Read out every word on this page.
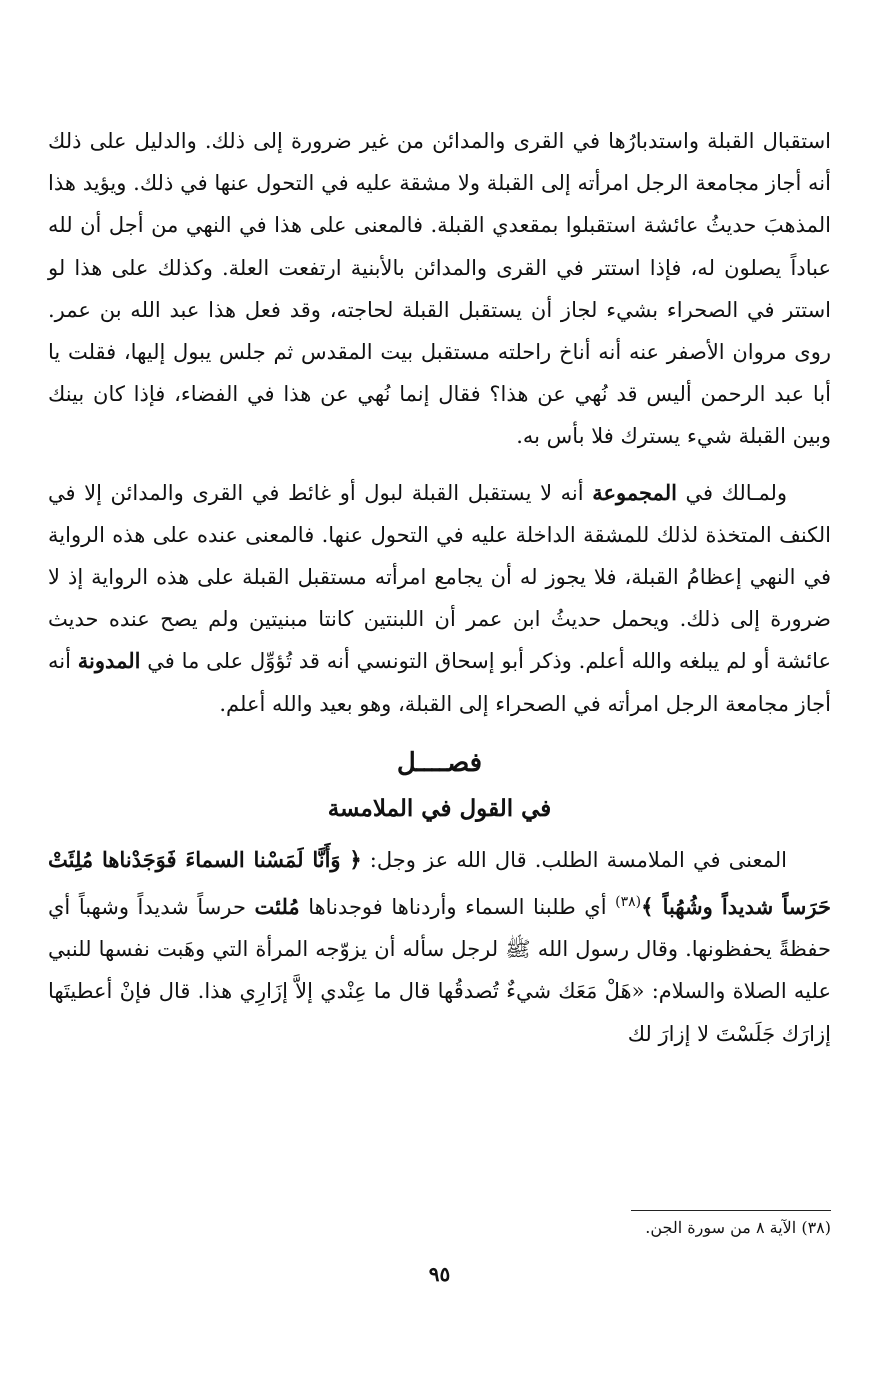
استقبال القبلة واستدبارُها في القرى والمدائن من غير ضرورة إلى ذلك. والدليل على ذلك أنه أجاز مجامعة الرجل امرأته إلى القبلة ولا مشقة عليه في التحول عنها في ذلك. ويؤيد هذا المذهبَ حديثُ عائشة استقبلوا بمقعدي القبلة. فالمعنى على هذا في النهي من أجل أن لله عباداً يصلون له، فإذا استتر في القرى والمدائن بالأبنية ارتفعت العلة. وكذلك على هذا لو استتر في الصحراء بشيء لجاز أن يستقبل القبلة لحاجته، وقد فعل هذا عبد الله بن عمر. روى مروان الأصفر عنه أنه أناخ راحلته مستقبل بيت المقدس ثم جلس يبول إليها، فقلت يا أبا عبد الرحمن أليس قد نُهي عن هذا؟ فقال إنما نُهي عن هذا في الفضاء، فإذا كان بينك وبين القبلة شيء يسترك فلا بأس به.

ولمـالك في المجموعة أنه لا يستقبل القبلة لبول أو غائط في القرى والمدائن إلا في الكنف المتخذة لذلك للمشقة الداخلة عليه في التحول عنها. فالمعنى عنده على هذه الرواية في النهي إعظامُ القبلة، فلا يجوز له أن يجامع امرأته مستقبل القبلة على هذه الرواية إذ لا ضرورة إلى ذلك. ويحمل حديثُ ابن عمر أن اللبنتين كانتا مبنيتين ولم يصح عنده حديث عائشة أو لم يبلغه والله أعلم. وذكر أبو إسحاق التونسي أنه قد تُؤوِّل على ما في المدونة أنه أجاز مجامعة الرجل امرأته في الصحراء إلى القبلة، وهو بعيد والله أعلم.

فصــــل
في القول في الملامسة

المعنى في الملامسة الطلب. قال الله عز وجل: ﴿ وَأَنَّا لَمَسْنا السماءَ فَوَجَدْناها مُلِئَتْ حَرَساً شديداً وشُهُباً ﴾$^{(٣٨)}$ أي طلبنا السماء وأردناها فوجدناها مُلئت حرساً شديداً وشهباً أي حفظةً يحفظونها. وقال رسول الله ﷺ لرجل سأله أن يزوّجه المرأة التي وهَبت نفسها للنبي عليه الصلاة والسلام: «هَلْ مَعَك شيءٌ تُصدقُها قال ما عِنْدي إلاَّ إزَارِي هذا. قال فإنْ أعطيتَها إزارَك جَلَسْتَ لا إزارَ لك

(٣٨) الآية ٨ من سورة الجن.
٩٥
